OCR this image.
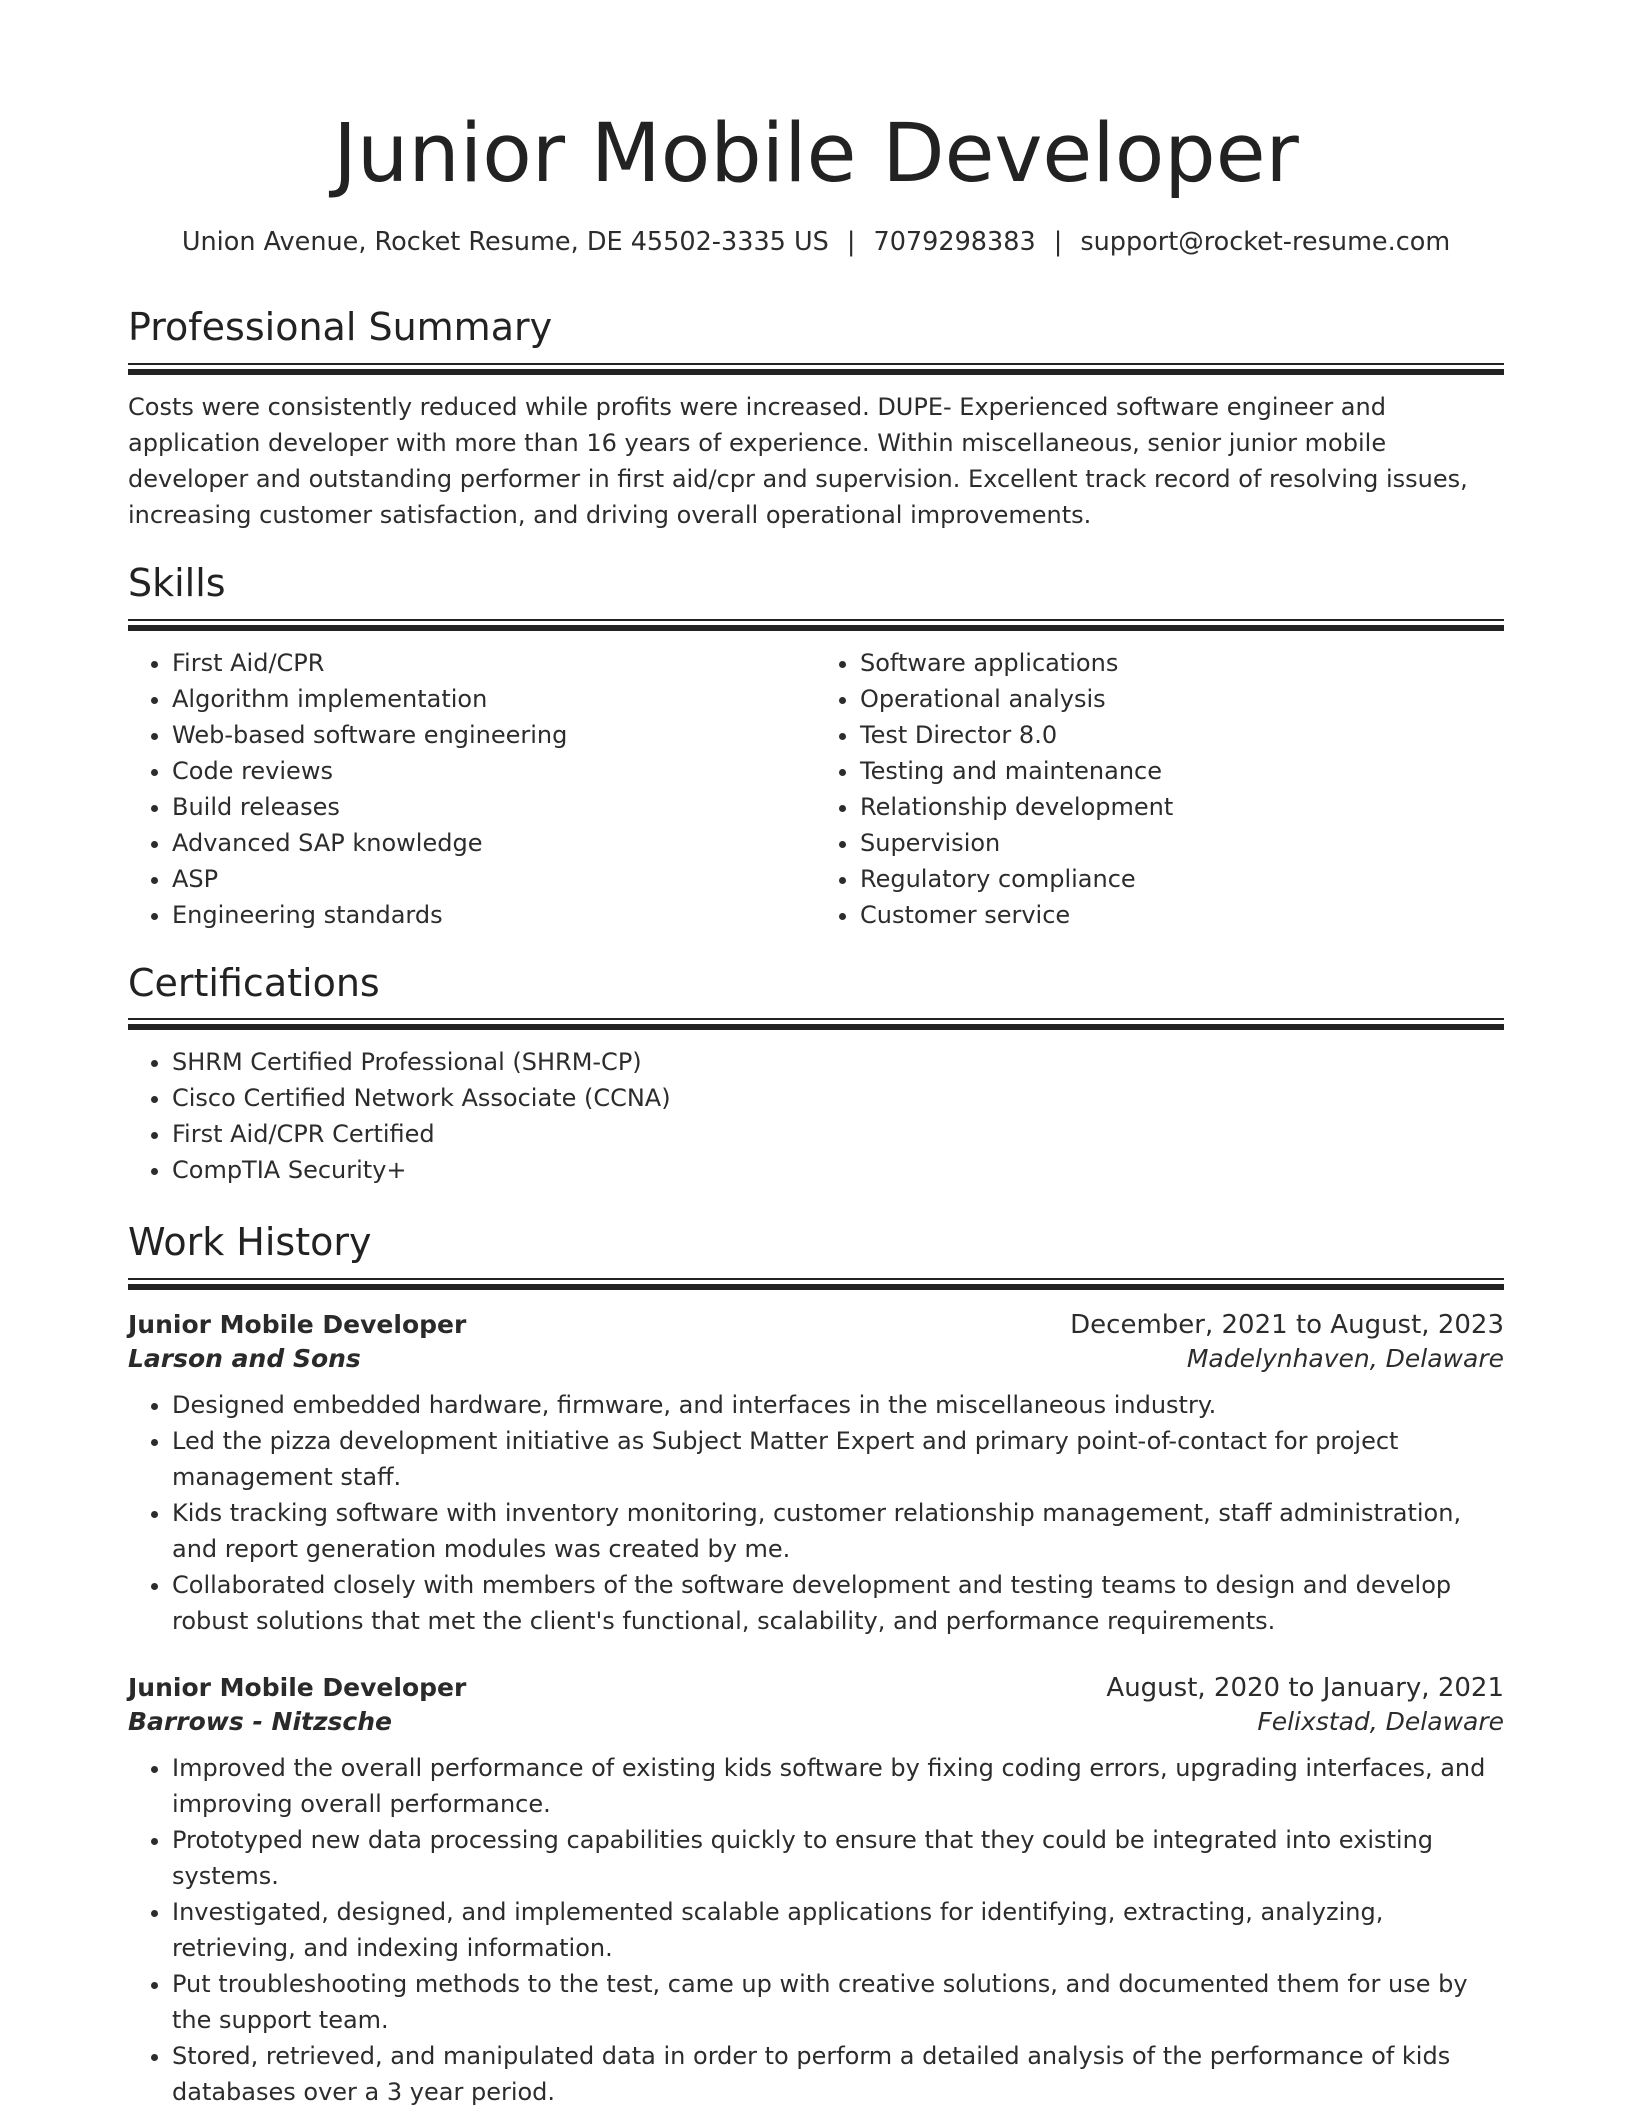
Junior Mobile Developer
Union Avenue, Rocket Resume, DE 45502-3335 US | 7079298383 | support@rocket-resume.com
Professional Summary
Costs were consistently reduced while profits were increased. DUPE- Experienced software engineer and application developer with more than 16 years of experience. Within miscellaneous, senior junior mobile developer and outstanding performer in first aid/cpr and supervision. Excellent track record of resolving issues, increasing customer satisfaction, and driving overall operational improvements.
Skills
• First Aid/CPR
• Algorithm implementation
• Web-based software engineering
• Code reviews
• Build releases
• Advanced SAP knowledge
• ASP
• Engineering standards
• Software applications
• Operational analysis
• Test Director 8.0
• Testing and maintenance
• Relationship development
• Supervision
• Regulatory compliance
• Customer service
Certifications
• SHRM Certified Professional (SHRM-CP)
• Cisco Certified Network Associate (CCNA)
• First Aid/CPR Certified
• CompTIA Security+
Work History
Junior Mobile Developer	December, 2021 to August, 2023
Larson and Sons	Madelynhaven, Delaware
• Designed embedded hardware, firmware, and interfaces in the miscellaneous industry.
• Led the pizza development initiative as Subject Matter Expert and primary point-of-contact for project management staff.
• Kids tracking software with inventory monitoring, customer relationship management, staff administration, and report generation modules was created by me.
• Collaborated closely with members of the software development and testing teams to design and develop robust solutions that met the client's functional, scalability, and performance requirements.
Junior Mobile Developer	August, 2020 to January, 2021
Barrows - Nitzsche	Felixstad, Delaware
• Improved the overall performance of existing kids software by fixing coding errors, upgrading interfaces, and improving overall performance.
• Prototyped new data processing capabilities quickly to ensure that they could be integrated into existing systems.
• Investigated, designed, and implemented scalable applications for identifying, extracting, analyzing, retrieving, and indexing information.
• Put troubleshooting methods to the test, came up with creative solutions, and documented them for use by the support team.
• Stored, retrieved, and manipulated data in order to perform a detailed analysis of the performance of kids databases over a 3 year period.
